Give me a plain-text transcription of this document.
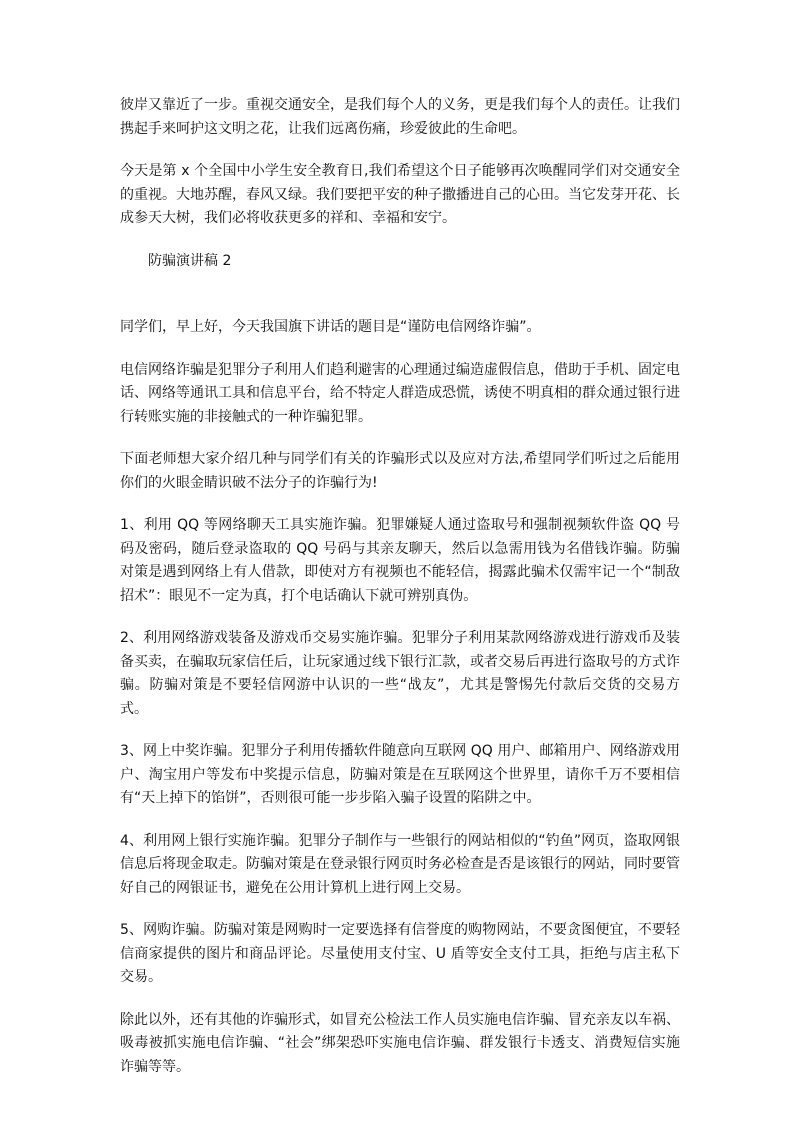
彼岸又靠近了一步。重视交通安全，是我们每个人的义务，更是我们每个人的责任。让我们携起手来呵护这文明之花，让我们远离伤痛，珍爱彼此的生命吧。

今天是第 x 个全国中小学生安全教育日,我们希望这个日子能够再次唤醒同学们对交通安全的重视。大地苏醒，春风又绿。我们要把平安的种子撒播进自己的心田。当它发芽开花、长成参天大树，我们必将收获更多的祥和、幸福和安宁。

防骗演讲稿 2

同学们，早上好，今天我国旗下讲话的题目是“谨防电信网络诈骗”。

电信网络诈骗是犯罪分子利用人们趋利避害的心理通过编造虚假信息，借助于手机、固定电话、网络等通讯工具和信息平台，给不特定人群造成恐慌，诱使不明真相的群众通过银行进行转账实施的非接触式的一种诈骗犯罪。

下面老师想大家介绍几种与同学们有关的诈骗形式以及应对方法,希望同学们听过之后能用你们的火眼金睛识破不法分子的诈骗行为!

1、利用 QQ 等网络聊天工具实施诈骗。犯罪嫌疑人通过盗取号和强制视频软件盗 QQ 号码及密码，随后登录盗取的 QQ 号码与其亲友聊天，然后以急需用钱为名借钱诈骗。防骗对策是遇到网络上有人借款，即使对方有视频也不能轻信，揭露此骗术仅需牢记一个“制敌招术”：眼见不一定为真，打个电话确认下就可辨别真伪。

2、利用网络游戏装备及游戏币交易实施诈骗。犯罪分子利用某款网络游戏进行游戏币及装备买卖，在骗取玩家信任后，让玩家通过线下银行汇款，或者交易后再进行盗取号的方式诈骗。防骗对策是不要轻信网游中认识的一些“战友”，尤其是警惕先付款后交货的交易方式。

3、网上中奖诈骗。犯罪分子利用传播软件随意向互联网 QQ 用户、邮箱用户、网络游戏用户、淘宝用户等发布中奖提示信息，防骗对策是在互联网这个世界里，请你千万不要相信有“天上掉下的馅饼”，否则很可能一步步陷入骗子设置的陷阱之中。

4、利用网上银行实施诈骗。犯罪分子制作与一些银行的网站相似的“钓鱼”网页，盗取网银信息后将现金取走。防骗对策是在登录银行网页时务必检查是否是该银行的网站，同时要管好自己的网银证书，避免在公用计算机上进行网上交易。

5、网购诈骗。防骗对策是网购时一定要选择有信誉度的购物网站，不要贪图便宜，不要轻信商家提供的图片和商品评论。尽量使用支付宝、U 盾等安全支付工具，拒绝与店主私下交易。

除此以外，还有其他的诈骗形式，如冒充公检法工作人员实施电信诈骗、冒充亲友以车祸、吸毒被抓实施电信诈骗、“社会”绑架恐吓实施电信诈骗、群发银行卡透支、消费短信实施诈骗等等。
